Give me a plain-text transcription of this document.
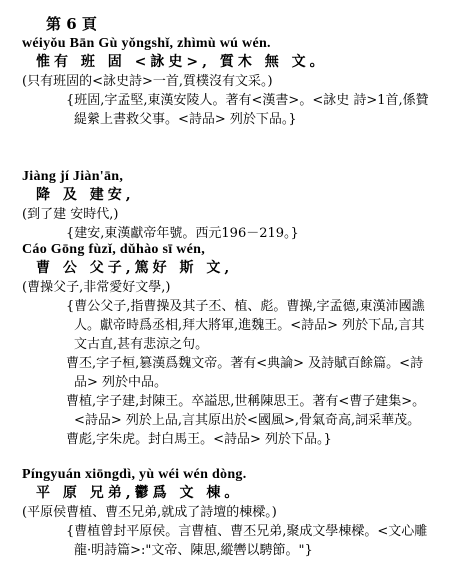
第 6 頁
wéiyǒu Bān Gù yǒngshǐ, zhìmù wú wén.
惟有 班 固 <詠史>, 質木 無 文。
(只有班固的<詠史詩>一首,質樸沒有文采。)

{班固,字孟堅,東漢安陵人。著有<漢書>。<詠史 詩>1首,係贊緹縈上書救父事。<詩品> 列於下品。}

Jiàng jí Jiàn'ān,
降 及 建安,
(到了建 安時代,)

{建安,東漢獻帝年號。西元196－219。}

Cáo Gōng fùzǐ, dǔhào sī wén,
曹 公 父子,篤好 斯 文,
(曹操父子,非常愛好文學,)

{曹公父子,指曹操及其子丕、植、彪。曹操,字孟德,東漢沛國譙人。獻帝時爲丞相,拜大將軍,進魏王。<詩品> 列於下品,言其文古直,甚有悲涼之句。

曹丕,字子桓,篡漢爲魏文帝。著有<典論> 及詩賦百餘篇。<詩品> 列於中品。

曹植,字子建,封陳王。卒謚思,世稱陳思王。著有<曹子建集>。<詩品> 列於上品,言其原出於<國風>,骨氣奇高,詞采華茂。

曹彪,字朱虎。封白馬王。<詩品> 列於下品。}

Píngyuán xiōngdì, yù wéi wén dòng.
平 原 兄弟,鬱爲 文 棟。
(平原侯曹植、曹丕兄弟,就成了詩壇的棟樑。)

{曹植曾封平原侯。言曹植、曹丕兄弟,聚成文學棟樑。<文心雕龍·明詩篇>:"文帝、陳思,縱轡以騁節。"}
